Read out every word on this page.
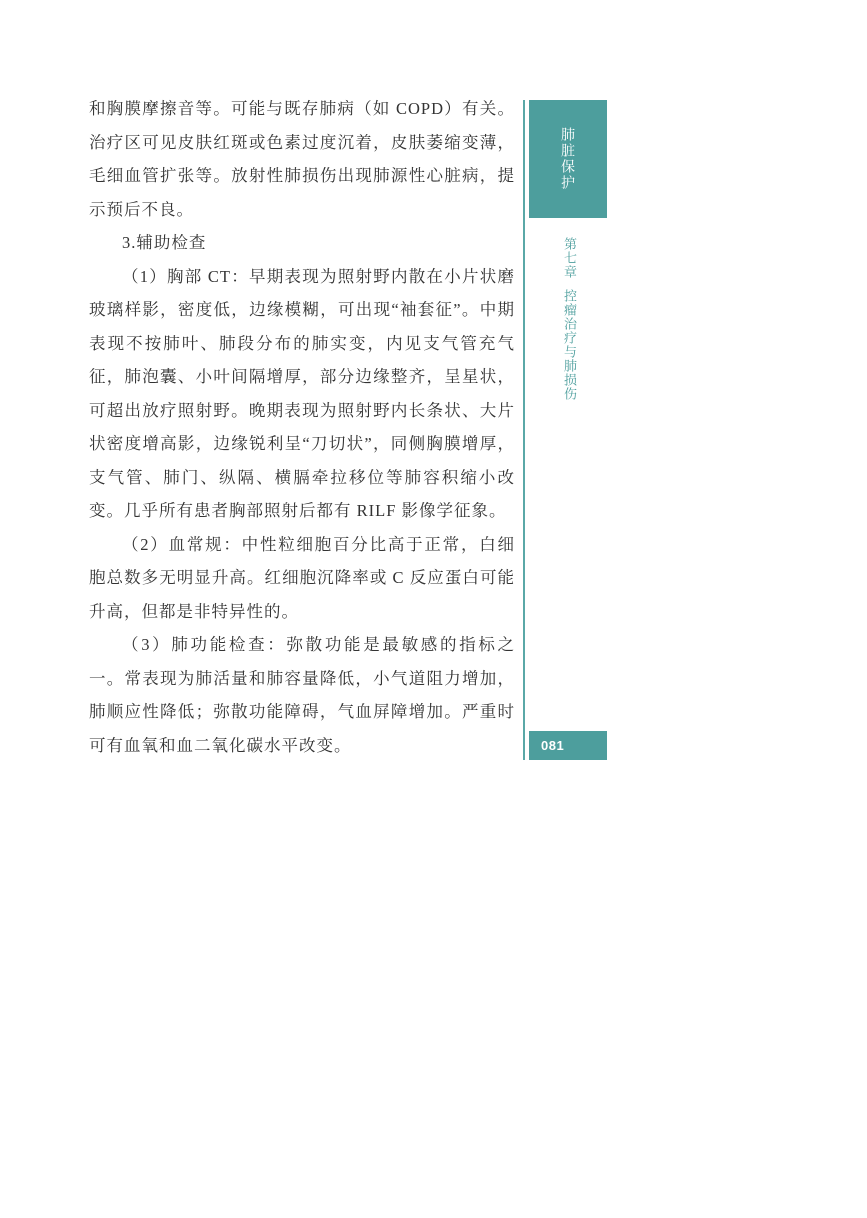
和胸膜摩擦音等。可能与既存肺病（如 COPD）有关。治疗区可见皮肤红斑或色素过度沉着，皮肤萎缩变薄，毛细血管扩张等。放射性肺损伤出现肺源性心脏病，提示预后不良。

3.辅助检查

（1）胸部 CT：早期表现为照射野内散在小片状磨玻璃样影，密度低，边缘模糊，可出现“袖套征”。中期表现不按肺叶、肺段分布的肺实变，内见支气管充气征，肺泡囊、小叶间隔增厚，部分边缘整齐，呈星状，可超出放疗照射野。晚期表现为照射野内长条状、大片状密度增高影，边缘锐利呈“刀切状”，同侧胸膜增厚，支气管、肺门、纵隔、横膈牵拉移位等肺容积缩小改变。几乎所有患者胸部照射后都有 RILF 影像学征象。

（2）血常规：中性粒细胞百分比高于正常，白细胞总数多无明显升高。红细胞沉降率或 C 反应蛋白可能升高，但都是非特异性的。

（3）肺功能检查：弥散功能是最敏感的指标之一。常表现为肺活量和肺容量降低，小气道阻力增加，肺顺应性降低；弥散功能障碍，气血屏障增加。严重时可有血氧和血二氧化碳水平改变。

肺脏保护
第七章
控瘤治疗与肺损伤
081
